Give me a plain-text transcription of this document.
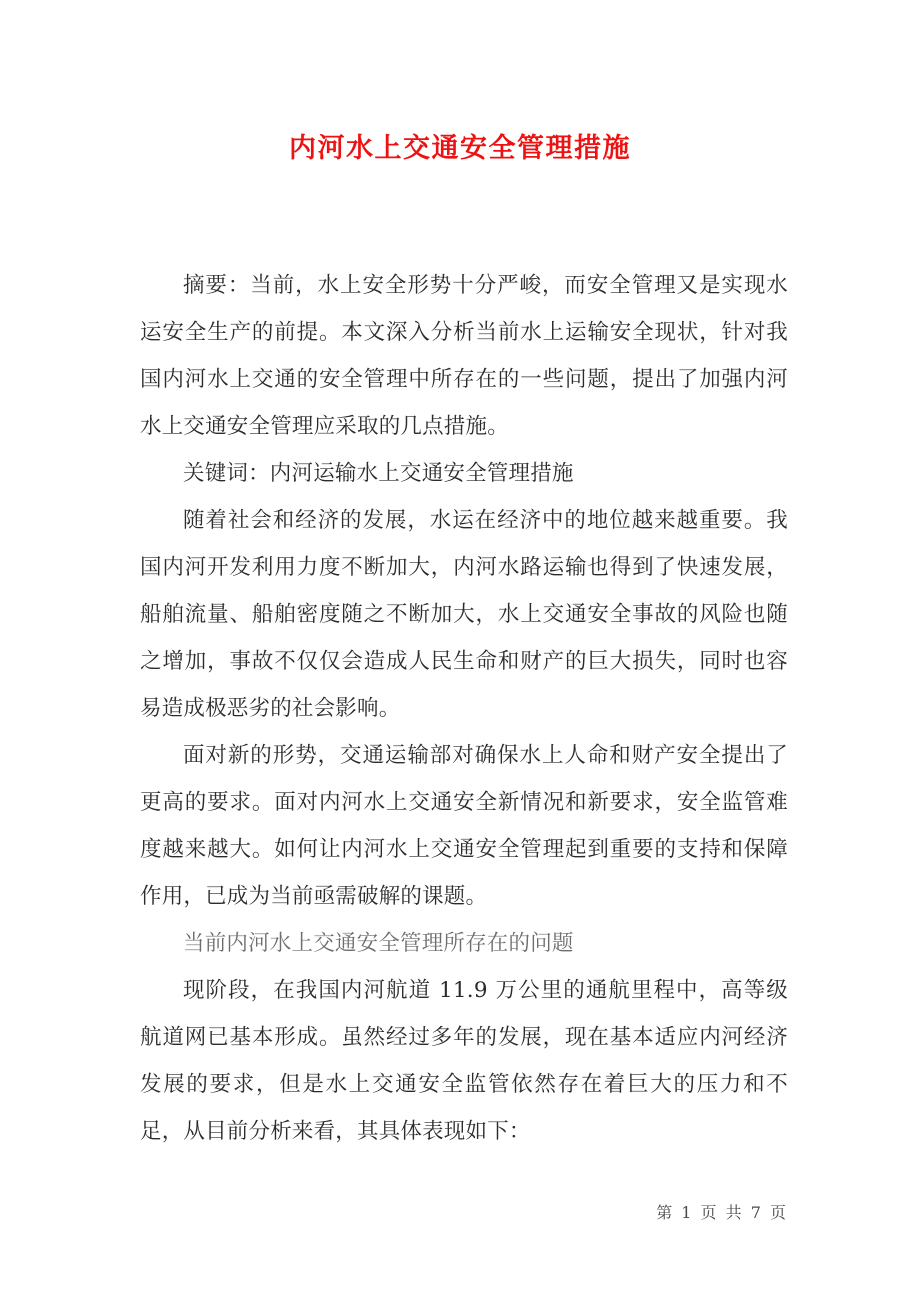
内河水上交通安全管理措施

摘要：当前，水上安全形势十分严峻，而安全管理又是实现水运安全生产的前提。本文深入分析当前水上运输安全现状，针对我国内河水上交通的安全管理中所存在的一些问题，提出了加强内河水上交通安全管理应采取的几点措施。

关键词：内河运输水上交通安全管理措施

随着社会和经济的发展，水运在经济中的地位越来越重要。我国内河开发利用力度不断加大，内河水路运输也得到了快速发展，船舶流量、船舶密度随之不断加大，水上交通安全事故的风险也随之增加，事故不仅仅会造成人民生命和财产的巨大损失，同时也容易造成极恶劣的社会影响。

面对新的形势，交通运输部对确保水上人命和财产安全提出了更高的要求。面对内河水上交通安全新情况和新要求，安全监管难度越来越大。如何让内河水上交通安全管理起到重要的支持和保障作用，已成为当前亟需破解的课题。

当前内河水上交通安全管理所存在的问题

现阶段，在我国内河航道 11.9 万公里的通航里程中，高等级航道网已基本形成。虽然经过多年的发展，现在基本适应内河经济发展的要求，但是水上交通安全监管依然存在着巨大的压力和不足，从目前分析来看，其具体表现如下：

第 1 页 共 7 页
